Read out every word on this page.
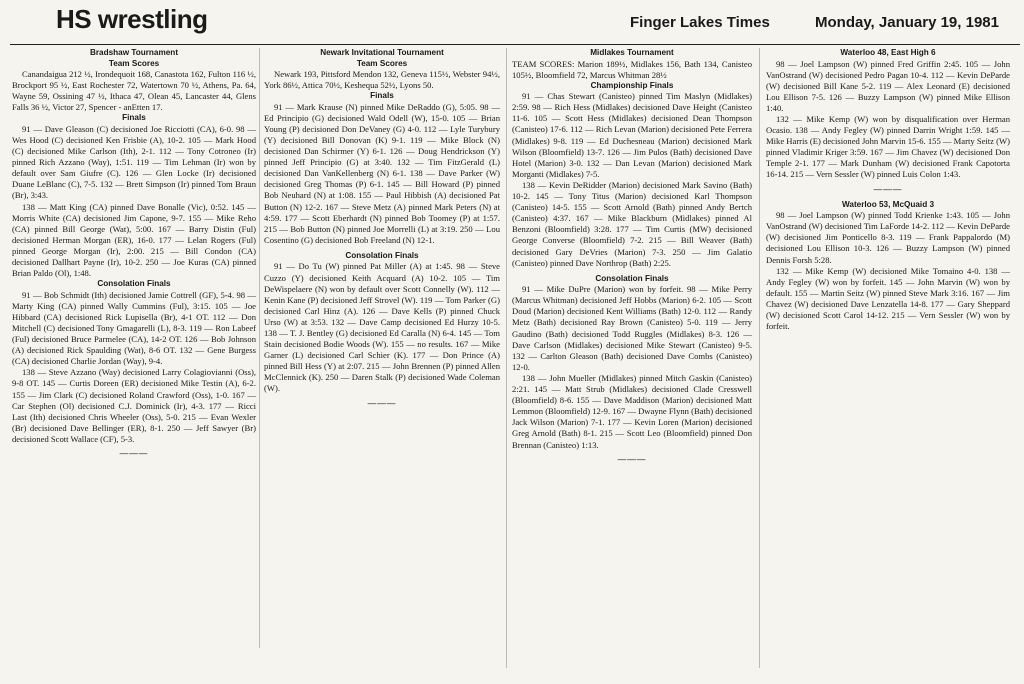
HS wrestling	Finger Lakes Times	Monday, January 19, 1981
Bradshaw Tournament
Team Scores

Canandaigua 212 ½, Irondequoit 168, Canastota 162, Fulton 116 ½, Brockport 95 ½, East Rochester 72, Watertown 70 ½, Athens, Pa. 64, Wayne 59, Ossining 47 ½, Ithaca 47, Olean 45, Lancaster 44, Glens Falls 36 ½, Victor 27, Spencer - anEtten 17.

Finals

91 — Dave Gleason (C) decisioned Joe Ricciotti (CA), 6-0. 98 — Wes Hood (C) decisioned Ken Frisbie (A), 10-2. 105 — Mark Hood (C) decisioned Mike Carlson (Ith), 2-1. 112 — Tony Cotroneo (Ir) pinned Rich Azzano (Way), 1:51. 119 — Tim Lehman (Ir) won by default over Sam Giufre (C). 126 — Glen Locke (Ir) decisioned Duane LeBlanc (C), 7-5. 132 — Brett Simpson (Ir) pinned Tom Braun (Br), 3:43.

138 — Matt King (CA) pinned Dave Bonalle (Vic), 0:52. 145 — Morris White (CA) decisioned Jim Capone, 9-7. 155 — Mike Reho (CA) pinned Bill George (Wat), 5:00. 167 — Barry Distin (Ful) decisioned Herman Morgan (ER), 16-0. 177 — Lelan Rogers (Ful) pinned George Morgan (Ir), 2:00. 215 — Bill Condon (CA) decisioned Dallhart Payne (Ir), 10-2. 250 — Joe Kuras (CA) pinned Brian Paldo (Ol), 1:48.

Consolation Finals

91 — Bob Schmidt (Ith) decisioned Jamie Cottrell (GF), 5-4. 98 — Marty King (CA) pinned Wally Cummins (Ful), 3:15. 105 — Joe Hibbard (CA) decisioned Rick Lupisella (Br), 4-1 OT. 112 — Don Mitchell (C) decisioned Tony Gmagarelli (L), 8-3. 119 — Ron Labeef (Ful) decisioned Bruce Parmelee (CA), 14-2 OT. 126 — Bob Johnson (A) decisioned Rick Spaulding (Wat), 8-6 OT. 132 — Gene Burgess (CA) decisioned Charlie Jordan (Way), 9-4.

138 — Steve Azzano (Way) decisioned Larry Colagiovianni (Oss), 9-8 OT. 145 — Curtis Doreen (ER) decisioned Mike Testin (A), 6-2. 155 — Jim Clark (C) decisioned Roland Crawford (Oss), 1-0. 167 — Car Stephen (Ol) decisioned C.J. Dominick (Ir), 4-3. 177 — Ricci Last (Ith) decisioned Chris Wheeler (Oss), 5-0. 215 — Evan Wexler (Br) decisioned Dave Bellinger (ER), 8-1. 250 — Jeff Sawyer (Br) decisioned Scott Wallace (CF), 5-3.

———
Newark Invitational Tournament
Team Scores

Newark 193, Pittsford Mendon 132, Geneva 115½, Webster 94½, York 86½, Attica 70½, Keshequa 52½, Lyons 50.

Finals

91 — Mark Krause (N) pinned Mike DeRaddo (G), 5:05. 98 — Ed Principio (G) decisioned Wald Odell (W), 15-0. 105 — Brian Young (P) decisioned Don DeVaney (G) 4-0. 112 — Lyle Turybury (Y) decisioned Bill Donovan (K) 9-1. 119 — Mike Block (N) decisioned Dan Schirmer (Y) 6-1. 126 — Doug Hendrickson (Y) pinned Jeff Principio (G) at 3:40. 132 — Tim FitzGerald (L) decisioned Dan VanKellenberg (N) 6-1. 138 — Dave Parker (W) decisioned Greg Thomas (P) 6-1. 145 — Bill Howard (P) pinned Bob Neuhard (N) at 1:08. 155 — Paul Hibbish (A) decisioned Pat Button (N) 12-2. 167 — Steve Metz (A) pinned Mark Peters (N) at 4:59. 177 — Scott Eberhardt (N) pinned Bob Toomey (P) at 1:57. 215 — Bob Button (N) pinned Joe Morrelli (L) at 3:19. 250 — Lou Cosentino (G) decisioned Bob Freeland (N) 12-1.

Consolation Finals

91 — Do Tu (W) pinned Pat Miller (A) at 1:45. 98 — Steve Cuzzo (Y) decisioned Keith Acquard (A) 10-2. 105 — Tim DeWispelaere (N) won by default over Scott Connelly (W). 112 — Kenin Kane (P) decisioned Jeff Strovel (W). 119 — Tom Parker (G) decisioned Carl Hinz (A). 126 — Dave Kells (P) pinned Chuck Urso (W) at 3:53. 132 — Dave Camp decisioned Ed Hurzy 10-5. 138 — T. J. Bentley (G) decisioned Ed Caralla (N) 6-4. 145 — Tom Stain decisioned Bodie Woods (W). 155 — no results. 167 — Mike Garner (L) decisioned Carl Schier (K). 177 — Don Prince (A) pinned Bill Hess (Y) at 2:07. 215 — John Brennen (P) pinned Allen McClennick (K). 250 — Daren Stalk (P) decisioned Wade Coleman (W).

———
Midlakes Tournament

TEAM SCORES: Marion 189½, Midlakes 156, Bath 134, Canisteo 105½, Bloomfield 72, Marcus Whitman 28½

Championship Finals

91 — Chas Stewart (Canisteo) pinned Tim Maslyn (Midlakes) 2:59. 98 — Rich Hess (Midlakes) decisioned Dave Height (Canisteo 11-6. 105 — Scott Hess (Midlakes) decisioned Dean Thompson (Canisteo) 17-6. 112 — Rich Levan (Marion) decisioned Pete Ferrera (Midlakes) 9-8. 119 — Ed Duchesneau (Marion) decisioned Mark Wilson (Bloomfield) 13-7. 126 — Jim Pulos (Bath) decisioned Dave Hotel (Marion) 3-0. 132 — Dan Levan (Marion) decisioned Mark Morganti (Midlakes) 7-5.

138 — Kevin DeRidder (Marion) decisioned Mark Savino (Bath) 10-2. 145 — Tony Titus (Marion) decisioned Karl Thompson (Canisteo) 14-5. 155 — Scott Arnold (Bath) pinned Andy Bertch (Canisteo) 4:37. 167 — Mike Blackburn (Midlakes) pinned Al Benzoni (Bloomfield) 3:28. 177 — Tim Curtis (MW) decisioned George Converse (Bloomfield) 7-2. 215 — Bill Weaver (Bath) decisioned Gary DeVries (Marion) 7-3. 250 — Jim Galatio (Canisteo) pinned Dave Northrop (Bath) 2:25.

Consolation Finals

91 — Mike DuPre (Marion) won by forfeit. 98 — Mike Perry (Marcus Whitman) decisioned Jeff Hobbs (Marion) 6-2. 105 — Scott Doud (Marion) decisioned Kent Williams (Bath) 12-0. 112 — Randy Metz (Bath) decisioned Ray Brown (Canisteo) 5-0. 119 — Jerry Gaudino (Bath) decisioned Todd Ruggles (Midlakes) 8-3. 126 — Dave Carlson (Midlakes) decisioned Mike Stewart (Canisteo) 9-5. 132 — Carlton Gleason (Bath) decisioned Dave Combs (Canisteo) 12-0.

138 — John Mueller (Midlakes) pinned Mitch Gaskin (Canisteo) 2:21. 145 — Matt Strub (Midlakes) decisioned Clade Cresswell (Bloomfield) 8-6. 155 — Dave Maddison (Marion) decisioned Matt Lemmon (Bloomfield) 12-9. 167 — Dwayne Flynn (Bath) decisioned Jack Wilson (Marion) 7-1. 177 — Kevin Loren (Marion) decisioned Greg Arnold (Bath) 8-1. 215 — Scott Leo (Bloomfield) pinned Don Brennan (Canisteo) 1:13.

———
Waterloo 48, East High 6

98 — Joel Lampson (W) pinned Fred Griffin 2:45. 105 — John VanOstrand (W) decisioned Pedro Pagan 10-4. 112 — Kevin DeParde (W) decisioned Bill Kane 5-2. 119 — Alex Leonard (E) decisioned Lou Ellison 7-5. 126 — Buzzy Lampson (W) pinned Mike Ellison 1:40.

132 — Mike Kemp (W) won by disqualification over Herman Ocasio. 138 — Andy Fegley (W) pinned Darrin Wright 1:59. 145 — Mike Harris (E) decisioned John Marvin 15-6. 155 — Marty Seitz (W) pinned Vladimir Kriger 3:59. 167 — Jim Chavez (W) decisioned Don Temple 2-1. 177 — Mark Dunham (W) decisioned Frank Capotorta 16-14. 215 — Vern Sessler (W) pinned Luis Colon 1:43.

———
Waterloo 53, McQuaid 3

98 — Joel Lampson (W) pinned Todd Krienke 1:43. 105 — John VanOstrand (W) decisioned Tim LaForde 14-2. 112 — Kevin DeParde (W) decisioned Jim Ponticello 8-3. 119 — Frank Pappalordo (M) decisioned Lou Ellison 10-3. 126 — Buzzy Lampson (W) pinned Dennis Forsh 5:28.

132 — Mike Kemp (W) decisioned Mike Tomaino 4-0. 138 — Andy Fegley (W) won by forfeit. 145 — John Marvin (W) won by default. 155 — Martin Seitz (W) pinned Steve Mark 3:16. 167 — Jim Chavez (W) decisioned Dave Lenzatella 14-8. 177 — Gary Sheppard (W) decisioned Scott Carol 14-12. 215 — Vern Sessler (W) won by forfeit.
